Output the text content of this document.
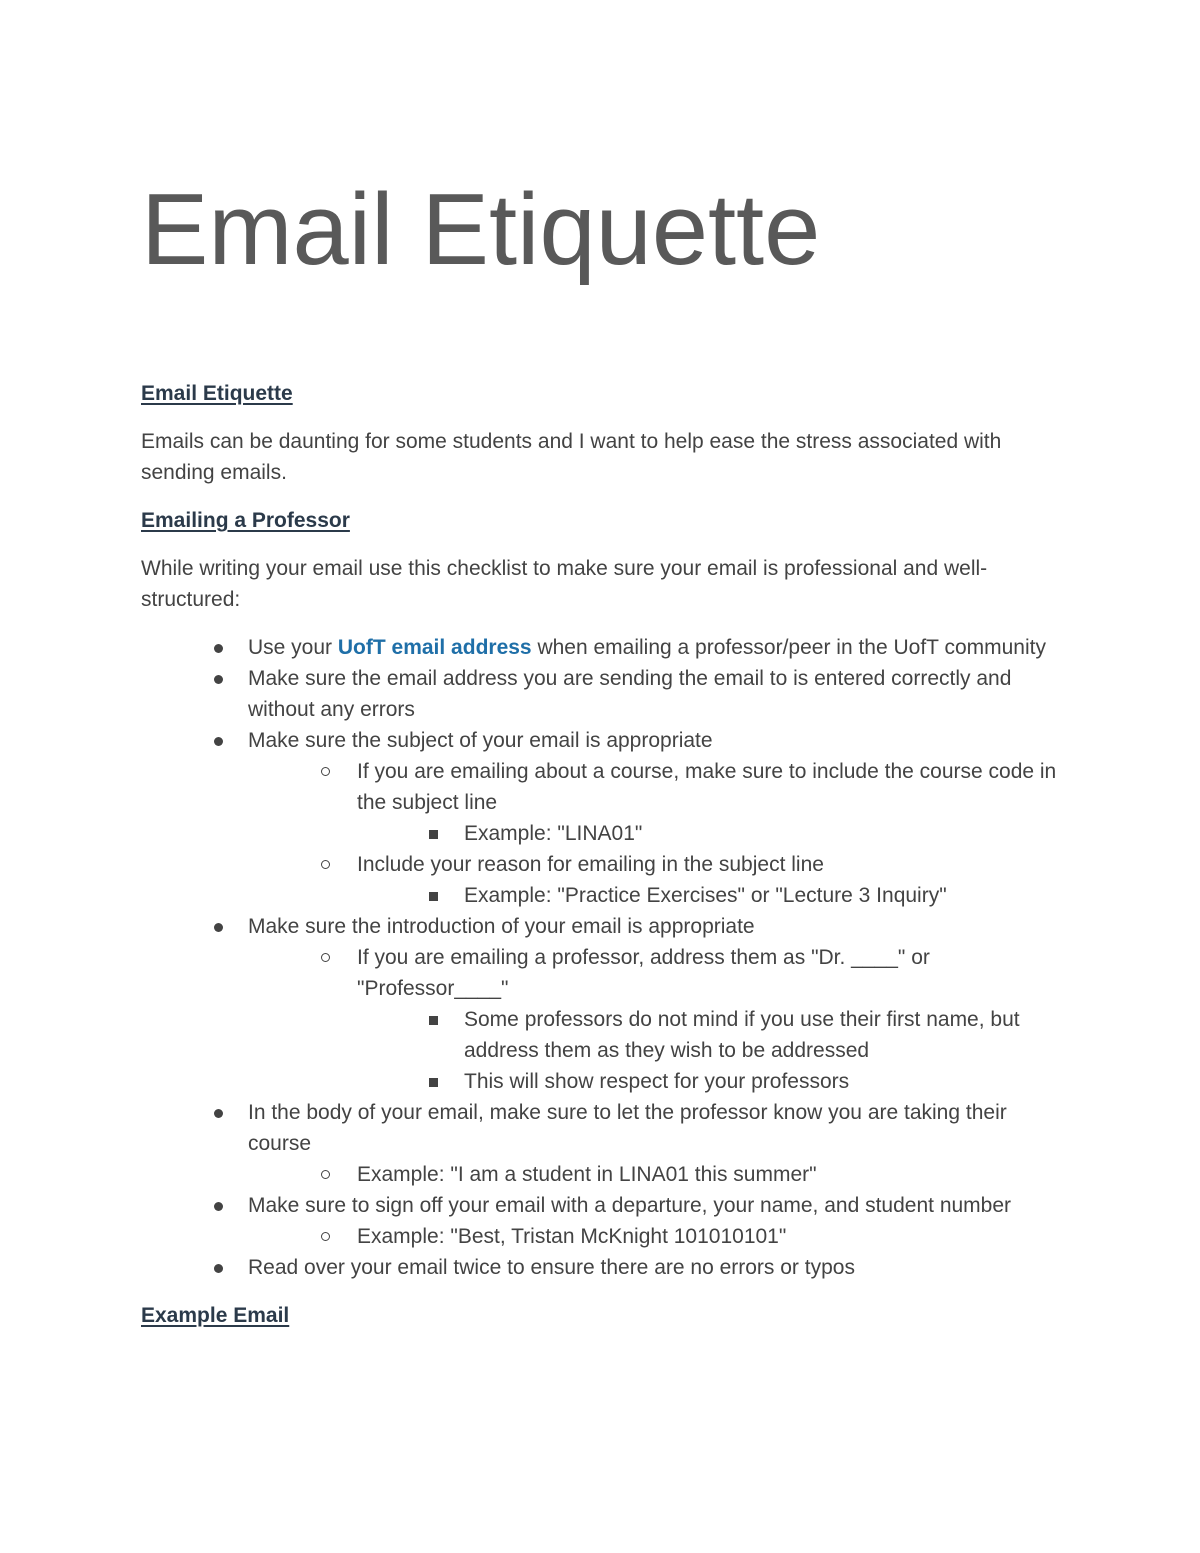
Email Etiquette

Email Etiquette

Emails can be daunting for some students and I want to help ease the stress associated with sending emails.

Emailing a Professor

While writing your email use this checklist to make sure your email is professional and well-structured:

Use your UofT email address when emailing a professor/peer in the UofT community
Make sure the email address you are sending the email to is entered correctly and without any errors
Make sure the subject of your email is appropriate
If you are emailing about a course, make sure to include the course code in the subject line
Example: "LINA01"
Include your reason for emailing in the subject line
Example: "Practice Exercises" or "Lecture 3 Inquiry"
Make sure the introduction of your email is appropriate
If you are emailing a professor, address them as "Dr. ____" or "Professor____"
Some professors do not mind if you use their first name, but address them as they wish to be addressed
This will show respect for your professors
In the body of your email, make sure to let the professor know you are taking their course
Example: "I am a student in LINA01 this summer"
Make sure to sign off your email with a departure, your name, and student number
Example: "Best, Tristan McKnight 101010101"
Read over your email twice to ensure there are no errors or typos

Example Email
